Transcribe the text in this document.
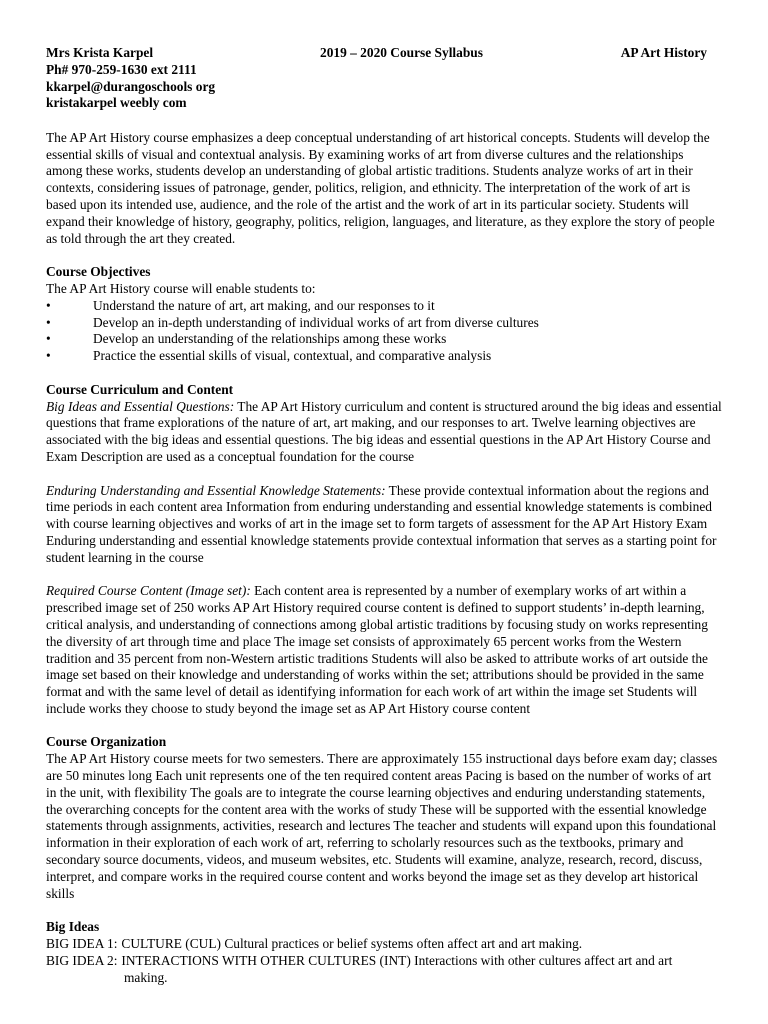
Mrs Krista Karpel
Ph# 970-259-1630 ext 2111
kkarpel@durangoschools org
kristakarpel weebly com
2019 – 2020 Course Syllabus	AP Art History

The AP Art History course emphasizes a deep conceptual understanding of art historical concepts. Students will develop the essential skills of visual and contextual analysis. By examining works of art from diverse cultures and the relationships among these works, students develop an understanding of global artistic traditions. Students analyze works of art in their contexts, considering issues of patronage, gender, politics, religion, and ethnicity. The interpretation of the work of art is based upon its intended use, audience, and the role of the artist and the work of art in its particular society. Students will expand their knowledge of history, geography, politics, religion, languages, and literature, as they explore the story of people as told through the art they created.

Course Objectives

The AP Art History course will enable students to:

•	Understand the nature of art, art making, and our responses to it
•	Develop an in-depth understanding of individual works of art from diverse cultures
•	Develop an understanding of the relationships among these works
•	Practice the essential skills of visual, contextual, and comparative analysis
Course Curriculum and Content

Big Ideas and Essential Questions: The AP Art History curriculum and content is structured around the big ideas and essential questions that frame explorations of the nature of art, art making, and our responses to art. Twelve learning objectives are associated with the big ideas and essential questions. The big ideas and essential questions in the AP Art History Course and Exam Description are used as a conceptual foundation for the course

Enduring Understanding and Essential Knowledge Statements: These provide contextual information about the regions and time periods in each content area Information from enduring understanding and essential knowledge statements is combined with course learning objectives and works of art in the image set to form targets of assessment for the AP Art History Exam Enduring understanding and essential knowledge statements provide contextual information that serves as a starting point for student learning in the course

Required Course Content (Image set): Each content area is represented by a number of exemplary works of art within a prescribed image set of 250 works AP Art History required course content is defined to support students’ in-depth learning, critical analysis, and understanding of connections among global artistic traditions by focusing study on works representing the diversity of art through time and place The image set consists of approximately 65 percent works from the Western tradition and 35 percent from non-Western artistic traditions Students will also be asked to attribute works of art outside the image set based on their knowledge and understanding of works within the set; attributions should be provided in the same format and with the same level of detail as identifying information for each work of art within the image set Students will include works they choose to study beyond the image set as AP Art History course content

Course Organization

The AP Art History course meets for two semesters. There are approximately 155 instructional days before exam day; classes are 50 minutes long Each unit represents one of the ten required content areas Pacing is based on the number of works of art in the unit, with flexibility The goals are to integrate the course learning objectives and enduring understanding statements, the overarching concepts for the content area with the works of study These will be supported with the essential knowledge statements through assignments, activities, research and lectures The teacher and students will expand upon this foundational information in their exploration of each work of art, referring to scholarly resources such as the textbooks, primary and secondary source documents, videos, and museum websites, etc. Students will examine, analyze, research, record, discuss, interpret, and compare works in the required course content and works beyond the image set as they develop art historical skills

Big Ideas
BIG IDEA 1: CULTURE (CUL) Cultural practices or belief systems often affect art and art making.
BIG IDEA 2: INTERACTIONS WITH OTHER CULTURES (INT) Interactions with other cultures affect art and art
making.
